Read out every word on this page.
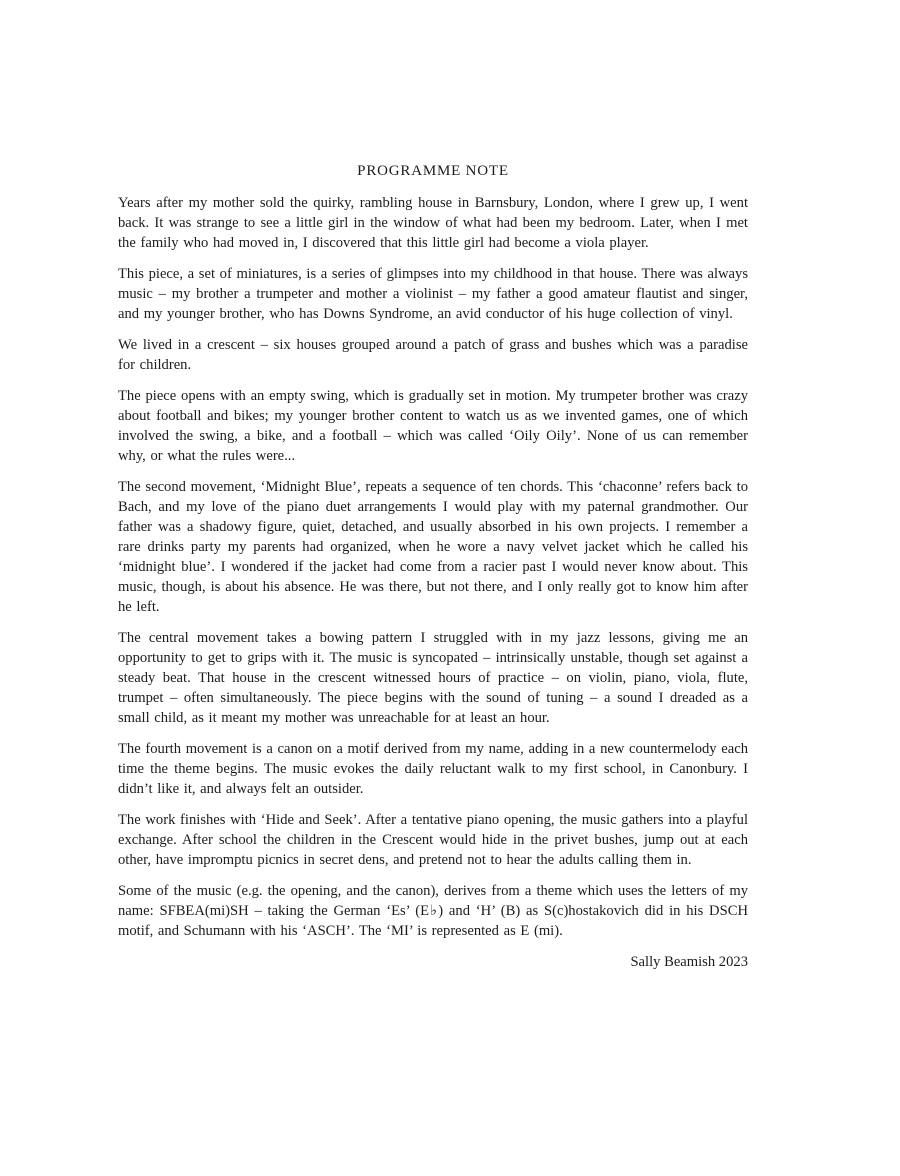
PROGRAMME NOTE

Years after my mother sold the quirky, rambling house in Barnsbury, London, where I grew up, I went back. It was strange to see a little girl in the window of what had been my bedroom. Later, when I met the family who had moved in, I discovered that this little girl had become a viola player.

This piece, a set of miniatures, is a series of glimpses into my childhood in that house. There was always music – my brother a trumpeter and mother a violinist – my father a good amateur flautist and singer, and my younger brother, who has Downs Syndrome, an avid conductor of his huge collection of vinyl.

We lived in a crescent – six houses grouped around a patch of grass and bushes which was a paradise for children.

The piece opens with an empty swing, which is gradually set in motion. My trumpeter brother was crazy about football and bikes; my younger brother content to watch us as we invented games, one of which involved the swing, a bike, and a football – which was called ‘Oily Oily’. None of us can remember why, or what the rules were...

The second movement, ‘Midnight Blue’, repeats a sequence of ten chords. This ‘chaconne’ refers back to Bach, and my love of the piano duet arrangements I would play with my paternal grandmother. Our father was a shadowy figure, quiet, detached, and usually absorbed in his own projects. I remember a rare drinks party my parents had organized, when he wore a navy velvet jacket which he called his ‘midnight blue’. I wondered if the jacket had come from a racier past I would never know about. This music, though, is about his absence. He was there, but not there, and I only really got to know him after he left.

The central movement takes a bowing pattern I struggled with in my jazz lessons, giving me an opportunity to get to grips with it. The music is syncopated – intrinsically unstable, though set against a steady beat. That house in the crescent witnessed hours of practice – on violin, piano, viola, flute, trumpet – often simultaneously. The piece begins with the sound of tuning – a sound I dreaded as a small child, as it meant my mother was unreachable for at least an hour.

The fourth movement is a canon on a motif derived from my name, adding in a new countermelody each time the theme begins. The music evokes the daily reluctant walk to my first school, in Canonbury. I didn’t like it, and always felt an outsider.

The work finishes with ‘Hide and Seek’. After a tentative piano opening, the music gathers into a playful exchange. After school the children in the Crescent would hide in the privet bushes, jump out at each other, have impromptu picnics in secret dens, and pretend not to hear the adults calling them in.

Some of the music (e.g. the opening, and the canon), derives from a theme which uses the letters of my name: SFBEA(mi)SH – taking the German ‘Es’ (E♭) and ‘H’ (B) as S(c)hostakovich did in his DSCH motif, and Schumann with his ‘ASCH’. The ‘MI’ is represented as E (mi).

Sally Beamish 2023
